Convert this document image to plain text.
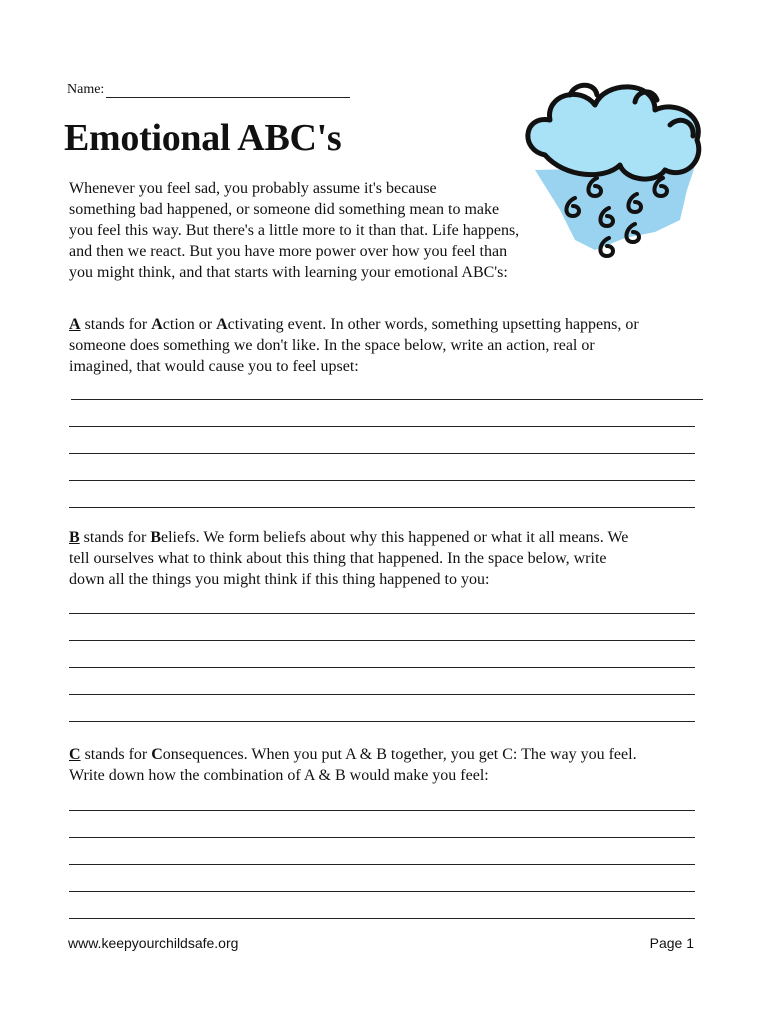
Name:
Emotional ABC's
Whenever you feel sad, you probably assume it's because
something bad happened, or someone did something mean to make
you feel this way. But there's a little more to it than that. Life happens,
and then we react. But you have more power over how you feel than
you might think, and that starts with learning your emotional ABC's:

A stands for Action or Activating event. In other words, something upsetting happens, or

someone does something we don't like. In the space below, write an action, real or

imagined, that would cause you to feel upset:

B stands for Beliefs. We form beliefs about why this happened or what it all means. We

tell ourselves what to think about this thing that happened. In the space below, write

down all the things you might think if this thing happened to you:

C stands for Consequences. When you put A & B together, you get C: The way you feel.

Write down how the combination of A & B would make you feel:

www.keepyourchildsafe.org	Page 1
